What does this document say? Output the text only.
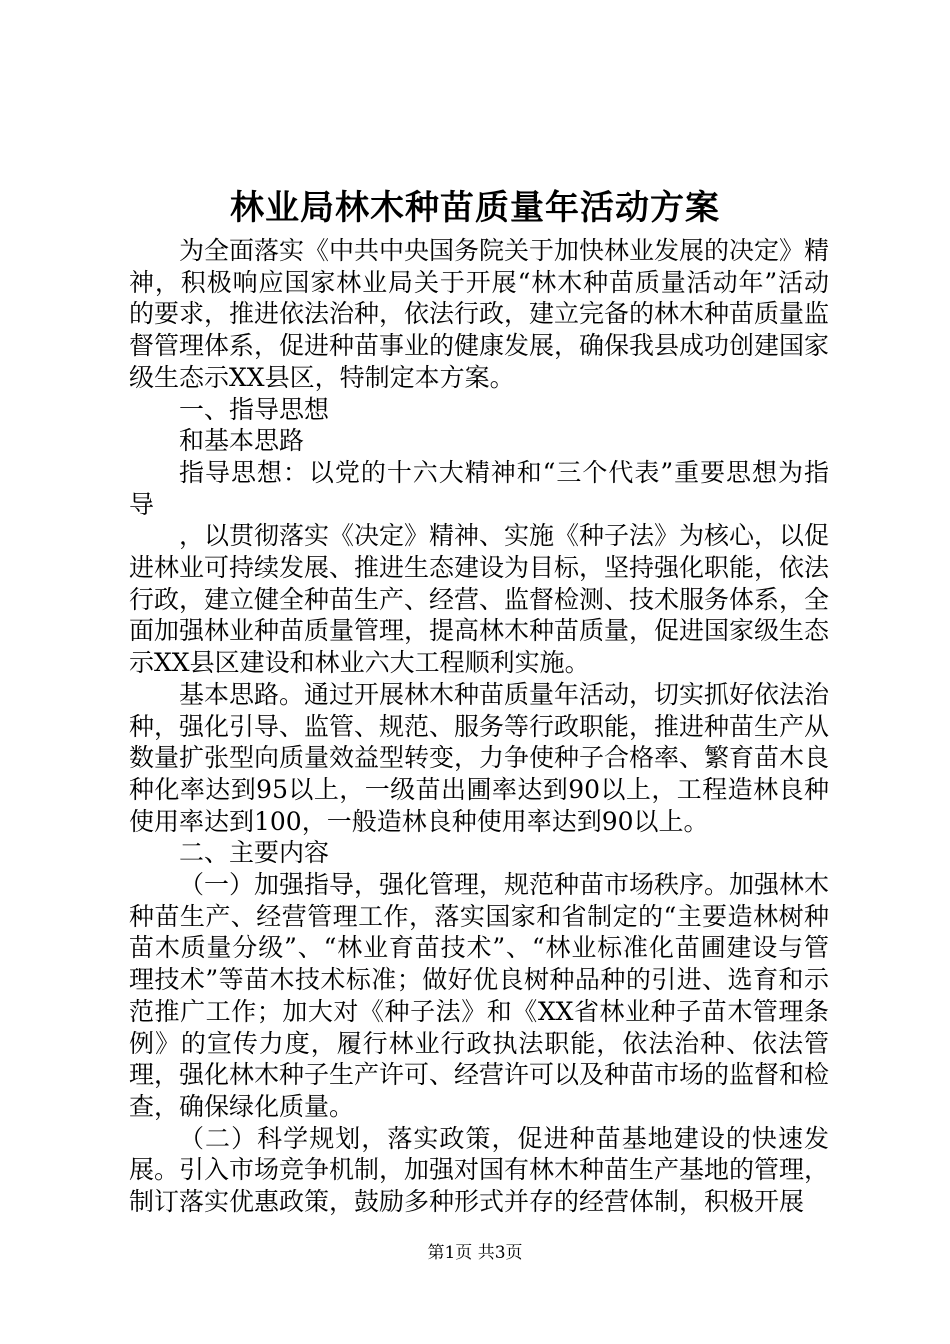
林业局林木种苗质量年活动方案

为全面落实《中共中央国务院关于加快林业发展的决定》精神，积极响应国家林业局关于开展“林木种苗质量活动年”活动的要求，推进依法治种，依法行政，建立完备的林木种苗质量监督管理体系，促进种苗事业的健康发展，确保我县成功创建国家级生态示XX县区，特制定本方案。

一、指导思想

和基本思路

指导思想：以党的十六大精神和“三个代表”重要思想为指导

，以贯彻落实《决定》精神、实施《种子法》为核心，以促进林业可持续发展、推进生态建设为目标，坚持强化职能，依法行政，建立健全种苗生产、经营、监督检测、技术服务体系，全面加强林业种苗质量管理，提高林木种苗质量，促进国家级生态示XX县区建设和林业六大工程顺利实施。

基本思路。通过开展林木种苗质量年活动，切实抓好依法治种，强化引导、监管、规范、服务等行政职能，推进种苗生产从数量扩张型向质量效益型转变，力争使种子合格率、繁育苗木良种化率达到95以上，一级苗出圃率达到90以上，工程造林良种使用率达到100，一般造林良种使用率达到90以上。

二、主要内容

（一）加强指导，强化管理，规范种苗市场秩序。加强林木种苗生产、经营管理工作，落实国家和省制定的“主要造林树种苗木质量分级”、“林业育苗技术”、“林业标准化苗圃建设与管理技术”等苗木技术标准；做好优良树种品种的引进、选育和示范推广工作；加大对《种子法》和《XX省林业种子苗木管理条例》的宣传力度，履行林业行政执法职能，依法治种、依法管理，强化林木种子生产许可、经营许可以及种苗市场的监督和检查，确保绿化质量。

（二）科学规划，落实政策，促进种苗基地建设的快速发展。引入市场竞争机制，加强对国有林木种苗生产基地的管理，制订落实优惠政策，鼓励多种形式并存的经营体制，积极开展

第1页 共3页
